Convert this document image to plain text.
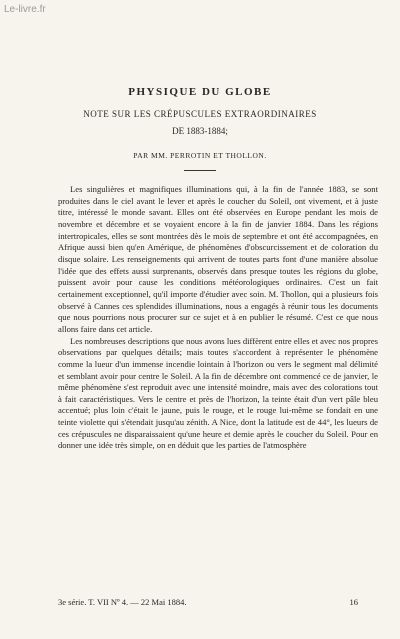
Le-livre.fr
PHYSIQUE DU GLOBE
NOTE SUR LES CRÉPUSCULES EXTRAORDINAIRES
DE 1883-1884;
PAR MM. PERROTIN ET THOLLON.

Les singulières et magnifiques illuminations qui, à la fin de l'année 1883, se sont produites dans le ciel avant le lever et après le coucher du Soleil, ont vivement, et à juste titre, intéressé le monde savant. Elles ont été observées en Europe pendant les mois de novembre et décembre et se voyaient encore à la fin de janvier 1884. Dans les régions intertropicales, elles se sont montrées dès le mois de septembre et ont été accompagnées, en Afrique aussi bien qu'en Amérique, de phénomènes d'obscurcissement et de coloration du disque solaire. Les renseignements qui arrivent de toutes parts font d'une manière absolue l'idée que des effets aussi surprenants, observés dans presque toutes les régions du globe, puissent avoir pour cause les conditions météorologiques ordinaires. C'est un fait certainement exceptionnel, qu'il importe d'étudier avec soin. M. Thollon, qui a plusieurs fois observé à Cannes ces splendides illuminations, nous a engagés à réunir tous les documents que nous pourrions nous procurer sur ce sujet et à en publier le résumé. C'est ce que nous allons faire dans cet article.

Les nombreuses descriptions que nous avons lues diffèrent entre elles et avec nos propres observations par quelques détails; mais toutes s'accordent à représenter le phénomène comme la lueur d'un immense incendie lointain à l'horizon ou vers le segment mal délimité et semblant avoir pour centre le Soleil. A la fin de décembre ont commencé ce de janvier, le même phénomène s'est reproduit avec une intensité moindre, mais avec des colorations tout à fait caractéristiques. Vers le centre et près de l'horizon, la teinte était d'un vert pâle bleu accentué; plus loin c'était le jaune, puis le rouge, et le rouge lui-même se fondait en une teinte violette qui s'étendait jusqu'au zénith. A Nice, dont la latitude est de 44°, les lueurs de ces crépuscules ne disparaissaient qu'une heure et demie après le coucher du Soleil. Pour en donner une idée très simple, on en déduit que les parties de l'atmosphère

3e série. T. VII Nº 4. — 22 Mai 1884.	16
